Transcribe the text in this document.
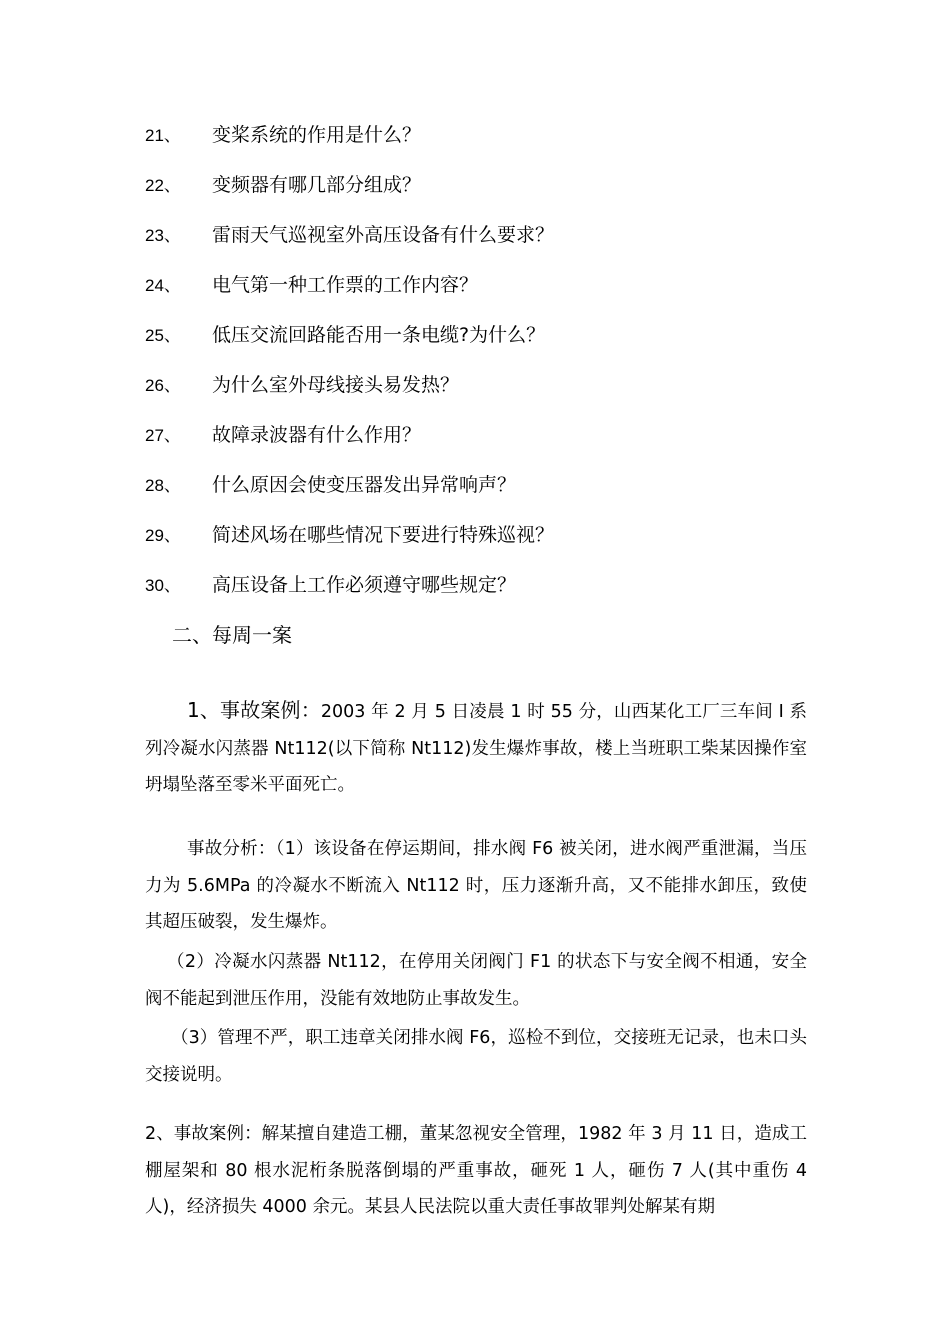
21、 变桨系统的作用是什么？
22、 变频器有哪几部分组成？
23、 雷雨天气巡视室外高压设备有什么要求？
24、 电气第一种工作票的工作内容？
25、 低压交流回路能否用一条电缆?为什么？
26、 为什么室外母线接头易发热？
27、 故障录波器有什么作用？
28、 什么原因会使变压器发出异常响声？
29、 简述风场在哪些情况下要进行特殊巡视？
30、 高压设备上工作必须遵守哪些规定？
二、每周一案
1、事故案例：2003 年 2 月 5 日凌晨 1 时 55 分，山西某化工厂三车间 I 系列冷凝水闪蒸器 Nt112(以下简称 Nt112)发生爆炸事故，楼上当班职工柴某因操作室坍塌坠落至零米平面死亡。
事故分析：（1）该设备在停运期间，排水阀 F6 被关闭，进水阀严重泄漏，当压力为 5.6MPa 的冷凝水不断流入 Nt112 时，压力逐渐升高，又不能排水卸压，致使其超压破裂，发生爆炸。
（2）冷凝水闪蒸器 Nt112，在停用关闭阀门 F1 的状态下与安全阀不相通，安全阀不能起到泄压作用，没能有效地防止事故发生。
（3）管理不严，职工违章关闭排水阀 F6，巡检不到位，交接班无记录，也未口头交接说明。
2、事故案例：解某擅自建造工棚，董某忽视安全管理，1982 年 3 月 11 日，造成工棚屋架和 80 根水泥桁条脱落倒塌的严重事故，砸死 1 人，砸伤 7 人(其中重伤 4 人)，经济损失 4000 余元。某县人民法院以重大责任事故罪判处解某有期
